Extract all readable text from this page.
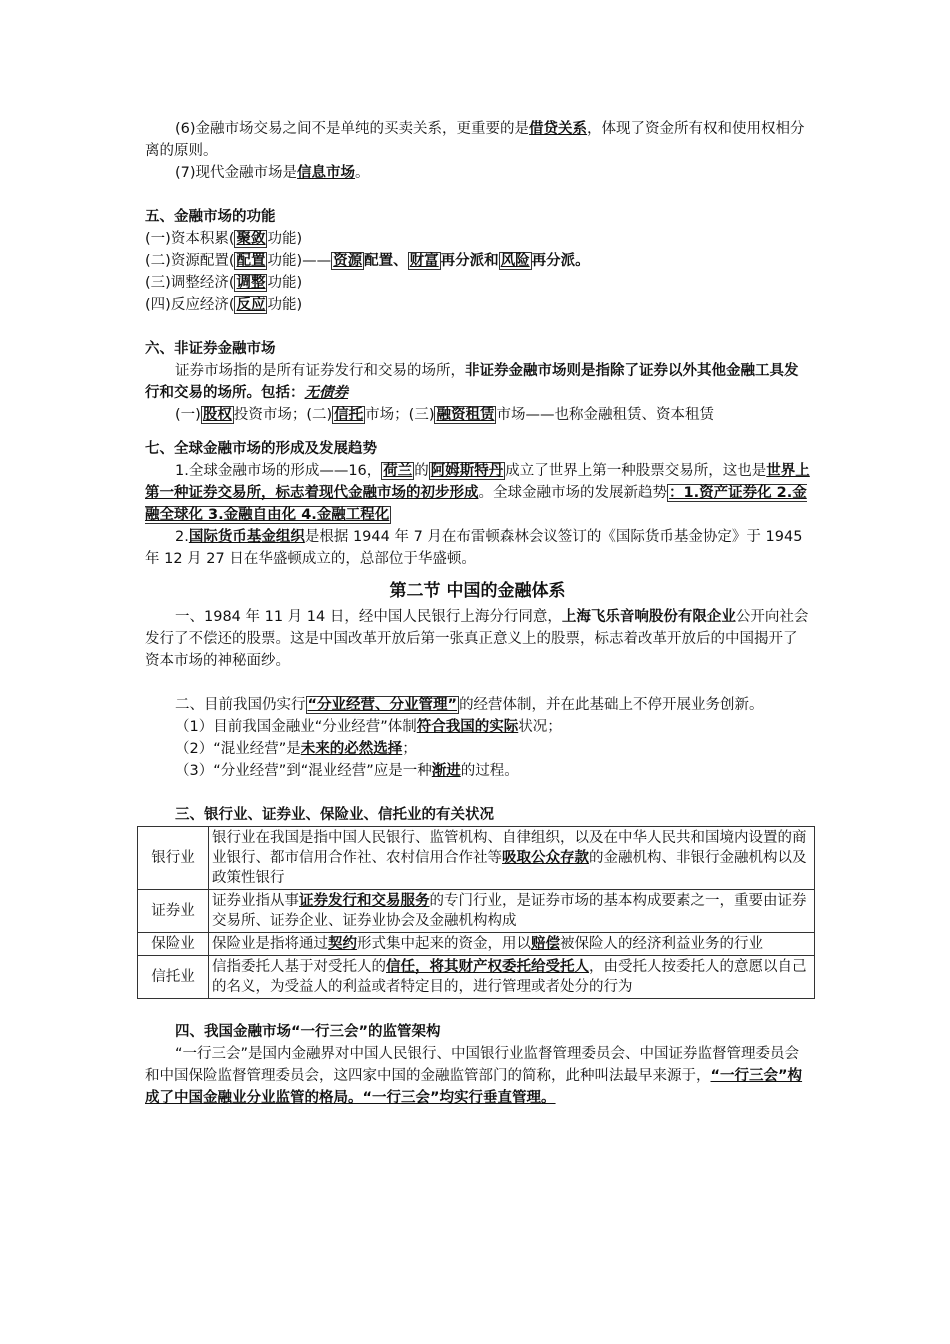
(6)金融市场交易之间不是单纯的买卖关系，更重要的是借贷关系，体现了资金所有权和使用权相分离的原则。

(7)现代金融市场是信息市场。

五、金融市场的功能

(一)资本积累( 聚敛 功能)

(二)资源配置( 配置 功能)—— 资源 配置、 财富 再分派和 风险 再分派。

(三)调整经济( 调整 功能)

(四)反应经济( 反应 功能)

六、非证券金融市场

证券市场指的是所有证券发行和交易的场所，非证券金融市场则是指除了证券以外其他金融工具发行和交易的场所。包括：无债券

(一) 股权 投资市场；(二) 信托 市场；(三) 融资租赁 市场——也称金融租赁、资本租赁

七、全球金融市场的形成及发展趋势

1.全球金融市场的形成——16， 荷兰 的 阿姆斯特丹 成立了世界上第一种股票交易所，这也是世界上第一种证券交易所，标志着现代金融市场的初步形成。全球金融市场的发展新趋势 ：1.资产证券化 2.金融全球化 3.金融自由化 4.金融工程化

2.国际货币基金组织是根据 1944 年 7 月在布雷顿森林会议签订的《国际货币基金协定》于 1945 年 12 月 27 日在华盛顿成立的，总部位于华盛顿。

第二节 中国的金融体系

一、1984 年 11 月 14 日，经中国人民银行上海分行同意，上海飞乐音响股份有限企业公开向社会发行了不偿还的股票。这是中国改革开放后第一张真正意义上的股票，标志着改革开放后的中国揭开了资本市场的神秘面纱。

二、目前我国仍实行 “分业经营、分业管理” 的经营体制，并在此基础上不停开展业务创新。

（1）目前我国金融业“分业经营”体制符合我国的实际状况；

（2）“混业经营”是未来的必然选择；

（3）“分业经营”到“混业经营”应是一种渐进的过程。

三、银行业、证券业、保险业、信托业的有关状况

银行业	银行业在我国是指中国人民银行、监管机构、自律组织，以及在中华人民共和国境内设置的商业银行、都市信用合作社、农村信用合作社等吸取公众存款的金融机构、非银行金融机构以及政策性银行
证券业	证券业指从事证券发行和交易服务的专门行业，是证券市场的基本构成要素之一，重要由证券交易所、证券企业、证券业协会及金融机构构成
保险业	保险业是指将通过契约形式集中起来的资金，用以赔偿被保险人的经济利益业务的行业
信托业	信指委托人基于对受托人的信任，将其财产权委托给受托人，由受托人按委托人的意愿以自己的名义，为受益人的利益或者特定目的，进行管理或者处分的行为

四、我国金融市场“一行三会”的监管架构

“一行三会”是国内金融界对中国人民银行、中国银行业监督管理委员会、中国证券监督管理委员会和中国保险监督管理委员会，这四家中国的金融监管部门的简称，此种叫法最早来源于，“一行三会”构成了中国金融业分业监管的格局。“一行三会”均实行垂直管理。
